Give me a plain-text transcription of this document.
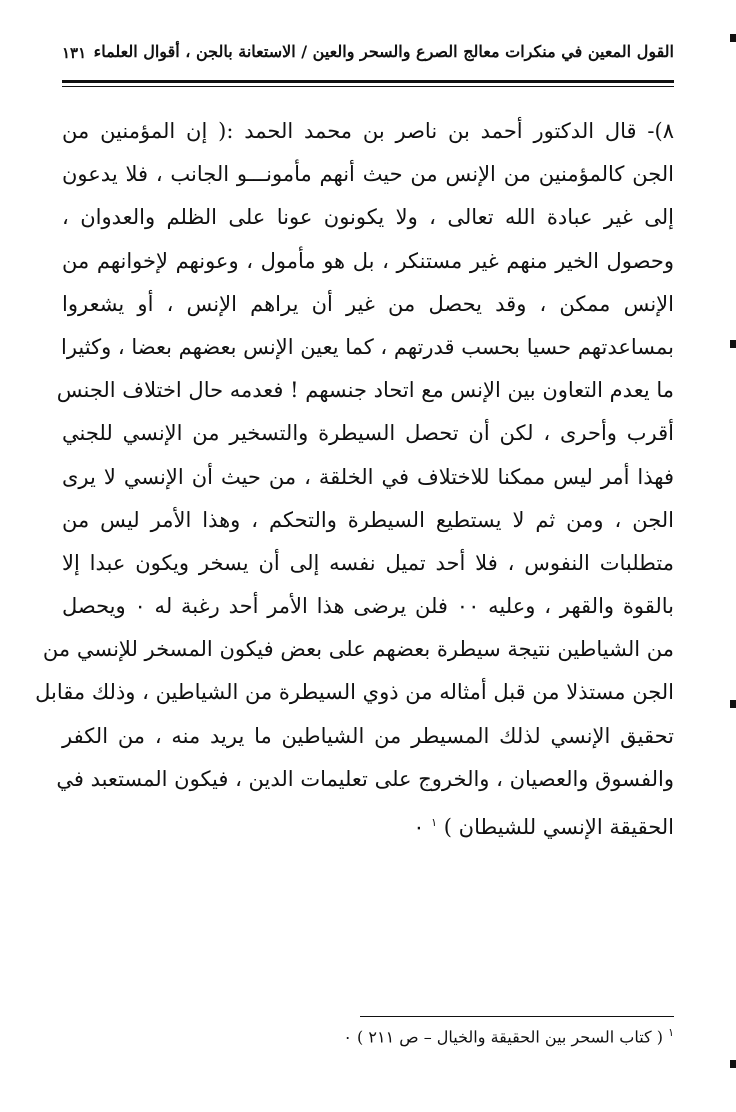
القول المعين في منكرات معالج الصرع والسحر والعين / الاستعانة بالجن ، أقوال العلماء
١٣١
٨)- قال الدكتور أحمد بن ناصر بن محمد الحمد :( إن المؤمنين من
الجن كالمؤمنين من الإنس من حيث أنهم مأمونـــو الجانب ، فلا يدعون
إلى غير عبادة الله تعالى ، ولا يكونون عونا على الظلم والعدوان ،
وحصول الخير منهم غير مستنكر ، بل هو مأمول ، وعونهم لإخوانهم من
الإنس ممكن ، وقد يحصل من غير أن يراهم الإنس ، أو يشعروا
بمساعدتهم حسيا بحسب قدرتهم ، كما يعين الإنس بعضهم بعضا ، وكثيرا
ما يعدم التعاون بين الإنس مع اتحاد جنسهم ! فعدمه حال اختلاف الجنس
أقرب وأحرى ، لكن أن تحصل السيطرة والتسخير من الإنسي للجني
فهذا أمر ليس ممكنا للاختلاف في الخلقة ، من حيث أن الإنسي لا يرى
الجن ، ومن ثم لا يستطيع السيطرة والتحكم ، وهذا الأمر ليس من
متطلبات النفوس ، فلا أحد تميل نفسه إلى أن يسخر ويكون عبدا إلا
بالقوة والقهر ، وعليه ٠٠ فلن يرضى هذا الأمر أحد رغبة له ٠ ويحصل
من الشياطين نتيجة سيطرة بعضهم على بعض فيكون المسخر للإنسي من
الجن مستذلا من قبل أمثاله من ذوي السيطرة من الشياطين ، وذلك مقابل
تحقيق الإنسي لذلك المسيطر من الشياطين ما يريد منه ، من الكفر
والفسوق والعصيان ، والخروج على تعليمات الدين ، فيكون المستعبد في
الحقيقة الإنسي للشيطان ) $^١$ ٠
$^١$ ( كتاب السحر بين الحقيقة والخيال – ص ٢١١ ) ٠
